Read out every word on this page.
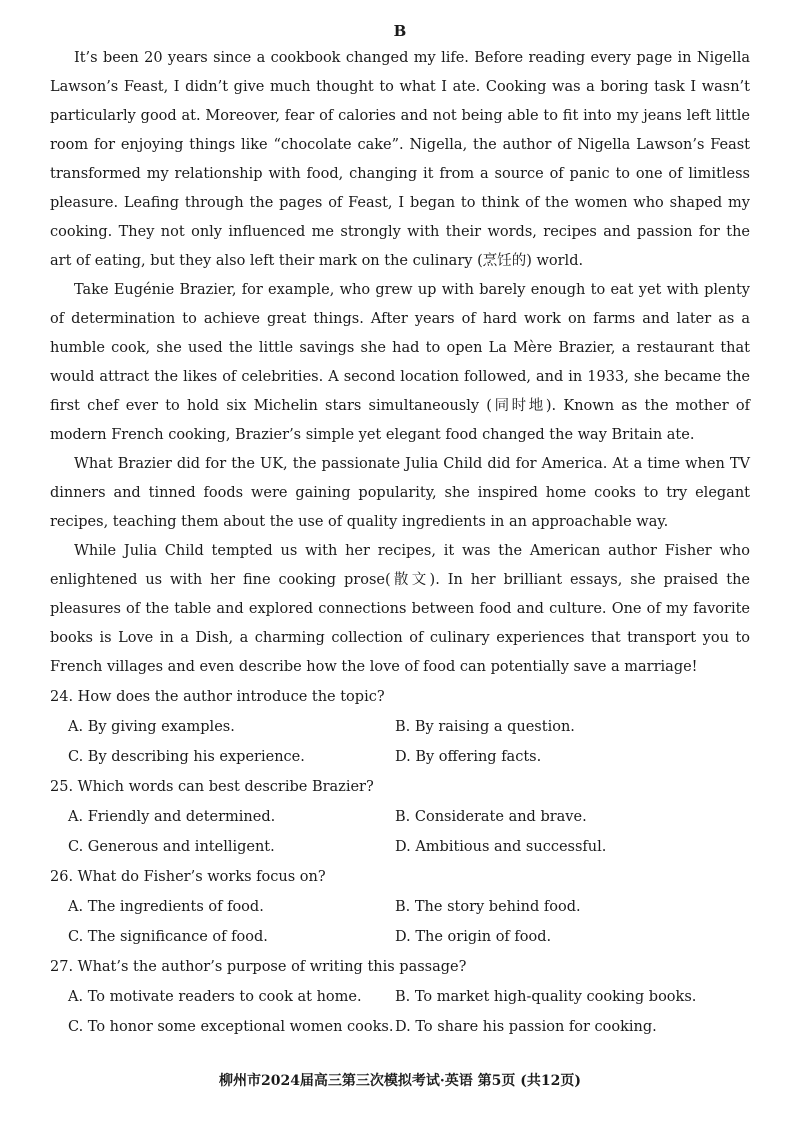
B

It’s been 20 years since a cookbook changed my life. Before reading every page in Nigella Lawson’s Feast, I didn’t give much thought to what I ate. Cooking was a boring task I wasn’t particularly good at. Moreover, fear of calories and not being able to fit into my jeans left little room for enjoying things like “chocolate cake”. Nigella, the author of Nigella Lawson’s Feast transformed my relationship with food, changing it from a source of panic to one of limitless pleasure. Leafing through the pages of Feast, I began to think of the women who shaped my cooking. They not only influenced me strongly with their words, recipes and passion for the art of eating, but they also left their mark on the culinary (烹饪的) world.

Take Eugénie Brazier, for example, who grew up with barely enough to eat yet with plenty of determination to achieve great things. After years of hard work on farms and later as a humble cook, she used the little savings she had to open La Mère Brazier, a restaurant that would attract the likes of celebrities. A second location followed, and in 1933, she became the first chef ever to hold six Michelin stars simultaneously (同时地). Known as the mother of modern French cooking, Brazier’s simple yet elegant food changed the way Britain ate.

What Brazier did for the UK, the passionate Julia Child did for America. At a time when TV dinners and tinned foods were gaining popularity, she inspired home cooks to try elegant recipes, teaching them about the use of quality ingredients in an approachable way.

While Julia Child tempted us with her recipes, it was the American author Fisher who enlightened us with her fine cooking prose(散文). In her brilliant essays, she praised the pleasures of the table and explored connections between food and culture. One of my favorite books is Love in a Dish, a charming collection of culinary experiences that transport you to French villages and even describe how the love of food can potentially save a marriage!

24. How does the author introduce the topic?
A. By giving examples.	B. By raising a question.
C. By describing his experience.	D. By offering facts.
25. Which words can best describe Brazier?
A. Friendly and determined.	B. Considerate and brave.
C. Generous and intelligent.	D. Ambitious and successful.
26. What do Fisher’s works focus on?
A. The ingredients of food.	B. The story behind food.
C. The significance of food.	D. The origin of food.
27. What’s the author’s purpose of writing this passage?
A. To motivate readers to cook at home.	B. To market high-quality cooking books.
C. To honor some exceptional women cooks. D. To share his passion for cooking.
柳州市2024届高三第三次模拟考试·英语 第5页 (共12页)
